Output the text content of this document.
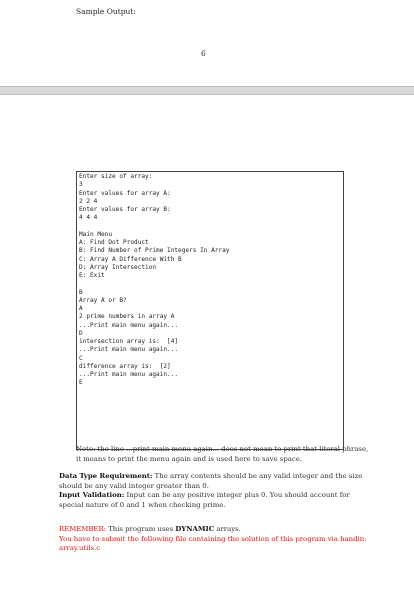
Sample Output:
6
Enter size of array:
3
Enter values for array A:
2 2 4
Enter values for array B:
4 4 4
Main Menu
A: Find Dot Product
B: Find Number of Prime Integers In Array
C: Array A Difference With B
D: Array Intersection
E: Exit
B
Array A or B?
A
2 prime numbers in array A
...Print main menu again...
D
intersection array is:  [4]
...Print main menu again...
C
difference array is:  [2]
...Print main menu again...
E
Note: the line ...print main menu again... does not mean to print that literal phrase, it means to print the menu again and is used here to save space.
Data Type Requirement: The array contents should be any valid integer and the size should be any valid integer greater than 0.
Input Validation: Input can be any positive integer plus 0. You should account for special nature of 0 and 1 when checking prime.
REMEMBER: This program uses DYNAMIC arrays.
You have to submit the following file containing the solution of this program via handin: array.utils.c
